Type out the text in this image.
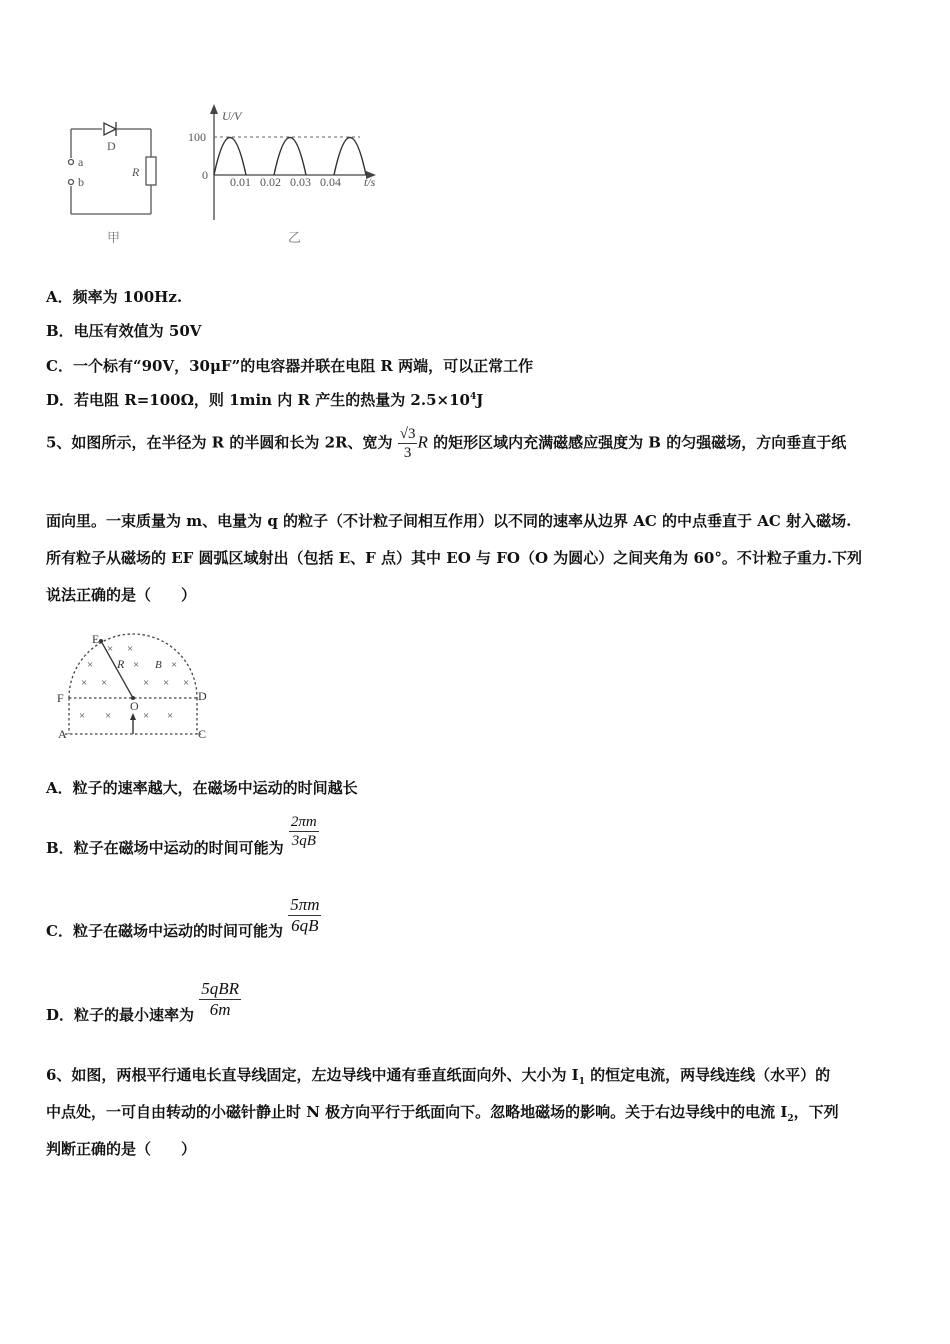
D
a
b
R
甲
U/V
100
0 0.01 0.02 0.03 0.04 t/s
乙
A．频率为 100Hz.
B．电压有效值为 50V
C．一个标有“90V，30μF”的电容器并联在电阻 R 两端，可以正常工作
D．若电阻 R=100Ω，则 1min 内 R 产生的热量为 $2.5\times 10^4J$
5、如图所示，在半径为 R 的半圆和长为 2R、宽为 $\frac{√3}{3}$ R 的矩形区域内充满磁感应强度为 B 的匀强磁场，方向垂直于纸
面向里。一束质量为 m、电量为 q 的粒子（不计粒子间相互作用）以不同的速率从边界 AC 的中点垂直于 AC 射入磁场.
所有粒子从磁场的 EF 圆弧区域射出（包括 E、F 点）其中 EO 与 FO（O 为圆心）之间夹角为 60°。不计粒子重力.下列
说法正确的是（　　）
E
F	D
O
A	C
R	B
× ×
×	×	×
× ×	× × ×
× ×	× ×
A．粒子的速率越大，在磁场中运动的时间越长
B．粒子在磁场中运动的时间可能为 $\frac{2\pi m}{3qB}$
C．粒子在磁场中运动的时间可能为 $\frac{5\pi m}{6qB}$
D．粒子的最小速率为 $\frac{\text{5qBR}}{6m}$
6、如图，两根平行通电长直导线固定，左边导线中通有垂直纸面向外、大小为 $I_1$ 的恒定电流，两导线连线（水平）的
中点处，一可自由转动的小磁针静止时 N 极方向平行于纸面向下。忽略地磁场的影响。关于右边导线中的电流 $I_2$，下列
判断正确的是（　　）
